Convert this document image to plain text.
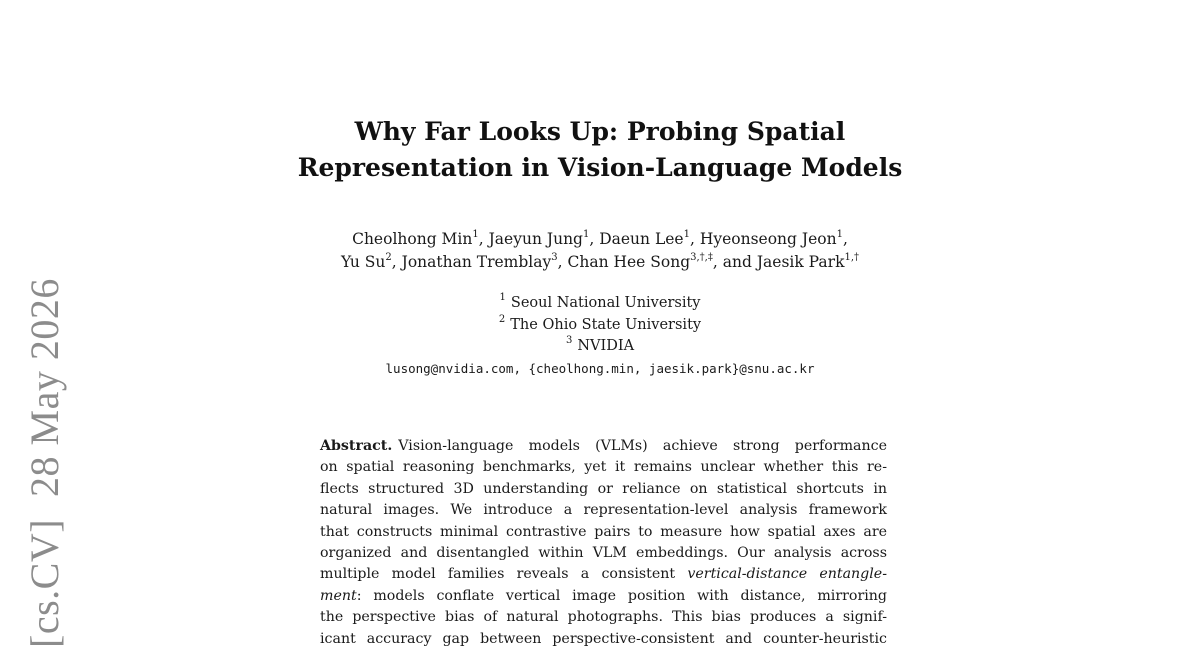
[cs.CV]28 May 2026
Why Far Looks Up: Probing Spatial
Representation in Vision-Language Models
Cheolhong Min$^1$, Jaeyun Jung$^1$, Daeun Lee$^1$, Hyeonseong Jeon$^1$,
Yu Su$^2$, Jonathan Tremblay$^3$, Chan Hee Song$^{3,\dagger,\ddagger}$, and Jaesik Park$^{1,\dagger}$
$^1$ Seoul National University
$^2$ The Ohio State University
$^3$ NVIDIA
lusong@nvidia.com, {cheolhong.min, jaesik.park}@snu.ac.kr
Abstract. Vision-language models (VLMs) achieve strong performance
on spatial reasoning benchmarks, yet it remains unclear whether this re-
flects structured 3D understanding or reliance on statistical shortcuts in
natural images. We introduce a representation-level analysis framework
that constructs minimal contrastive pairs to measure how spatial axes are
organized and disentangled within VLM embeddings. Our analysis across
multiple model families reveals a consistent vertical-distance entangle-
ment: models conflate vertical image position with distance, mirroring
the perspective bias of natural photographs. This bias produces a signif-
icant accuracy gap between perspective-consistent and counter-heuristic
